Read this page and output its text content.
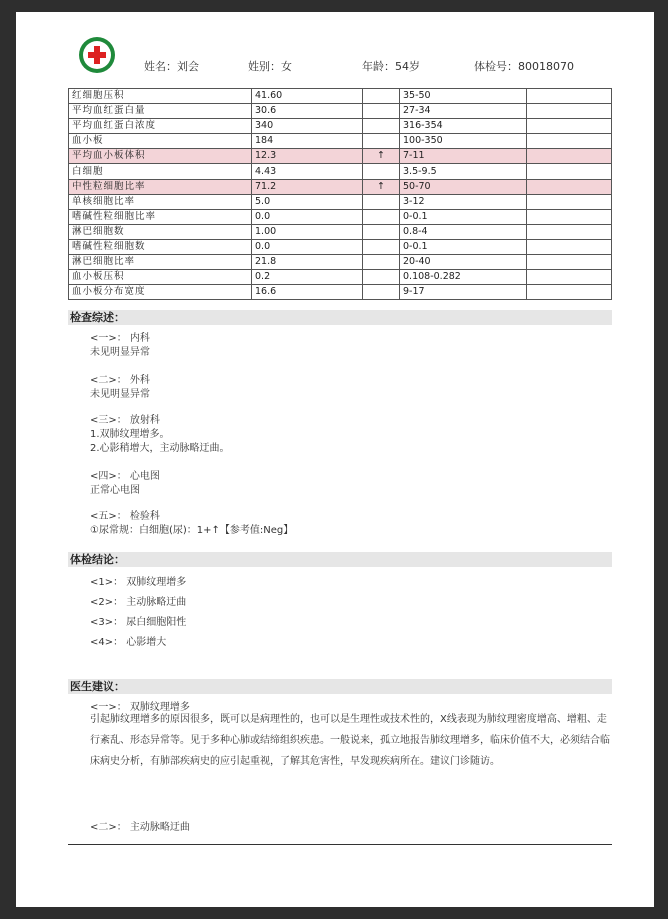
姓名：刘会	姓别：女	年龄：54岁	体检号：80018070
红细胞压积	41.60		35-50	
平均血红蛋白量	30.6		27-34	
平均血红蛋白浓度	340		316-354	
血小板	184		100-350	
平均血小板体积	12.3	↑	7-11	
白细胞	4.43		3.5-9.5	
中性粒细胞比率	71.2	↑	50-70	
单核细胞比率	5.0		3-12	
嗜碱性粒细胞比率	0.0		0-0.1	
淋巴细胞数	1.00		0.8-4	
嗜碱性粒细胞数	0.0		0-0.1	
淋巴细胞比率	21.8		20-40	
血小板压积	0.2		0.108-0.282	
血小板分布宽度	16.6		9-17	
检查综述：
<一>： 内科
未见明显异常
<二>： 外科
未见明显异常
<三>： 放射科
1.双肺纹理增多。
2.心影稍增大，主动脉略迂曲。
<四>： 心电图
正常心电图
<五>： 检验科
①尿常规：白细胞(尿)：1+↑【参考值:Neg】
体检结论：
<1>： 双肺纹理增多
<2>： 主动脉略迂曲
<3>： 尿白细胞阳性
<4>： 心影增大
医生建议：
<一>： 双肺纹理增多
引起肺纹理增多的原因很多，既可以是病理性的，也可以是生理性或技术性的，X线表现为肺纹理密度增高、增粗、走行紊乱、形态异常等。见于多种心肺或结缔组织疾患。一般说来，孤立地报告肺纹理增多，临床价值不大，必须结合临床病史分析，有肺部疾病史的应引起重视，了解其危害性，早发现疾病所在。建议门诊随访。
<二>： 主动脉略迂曲
